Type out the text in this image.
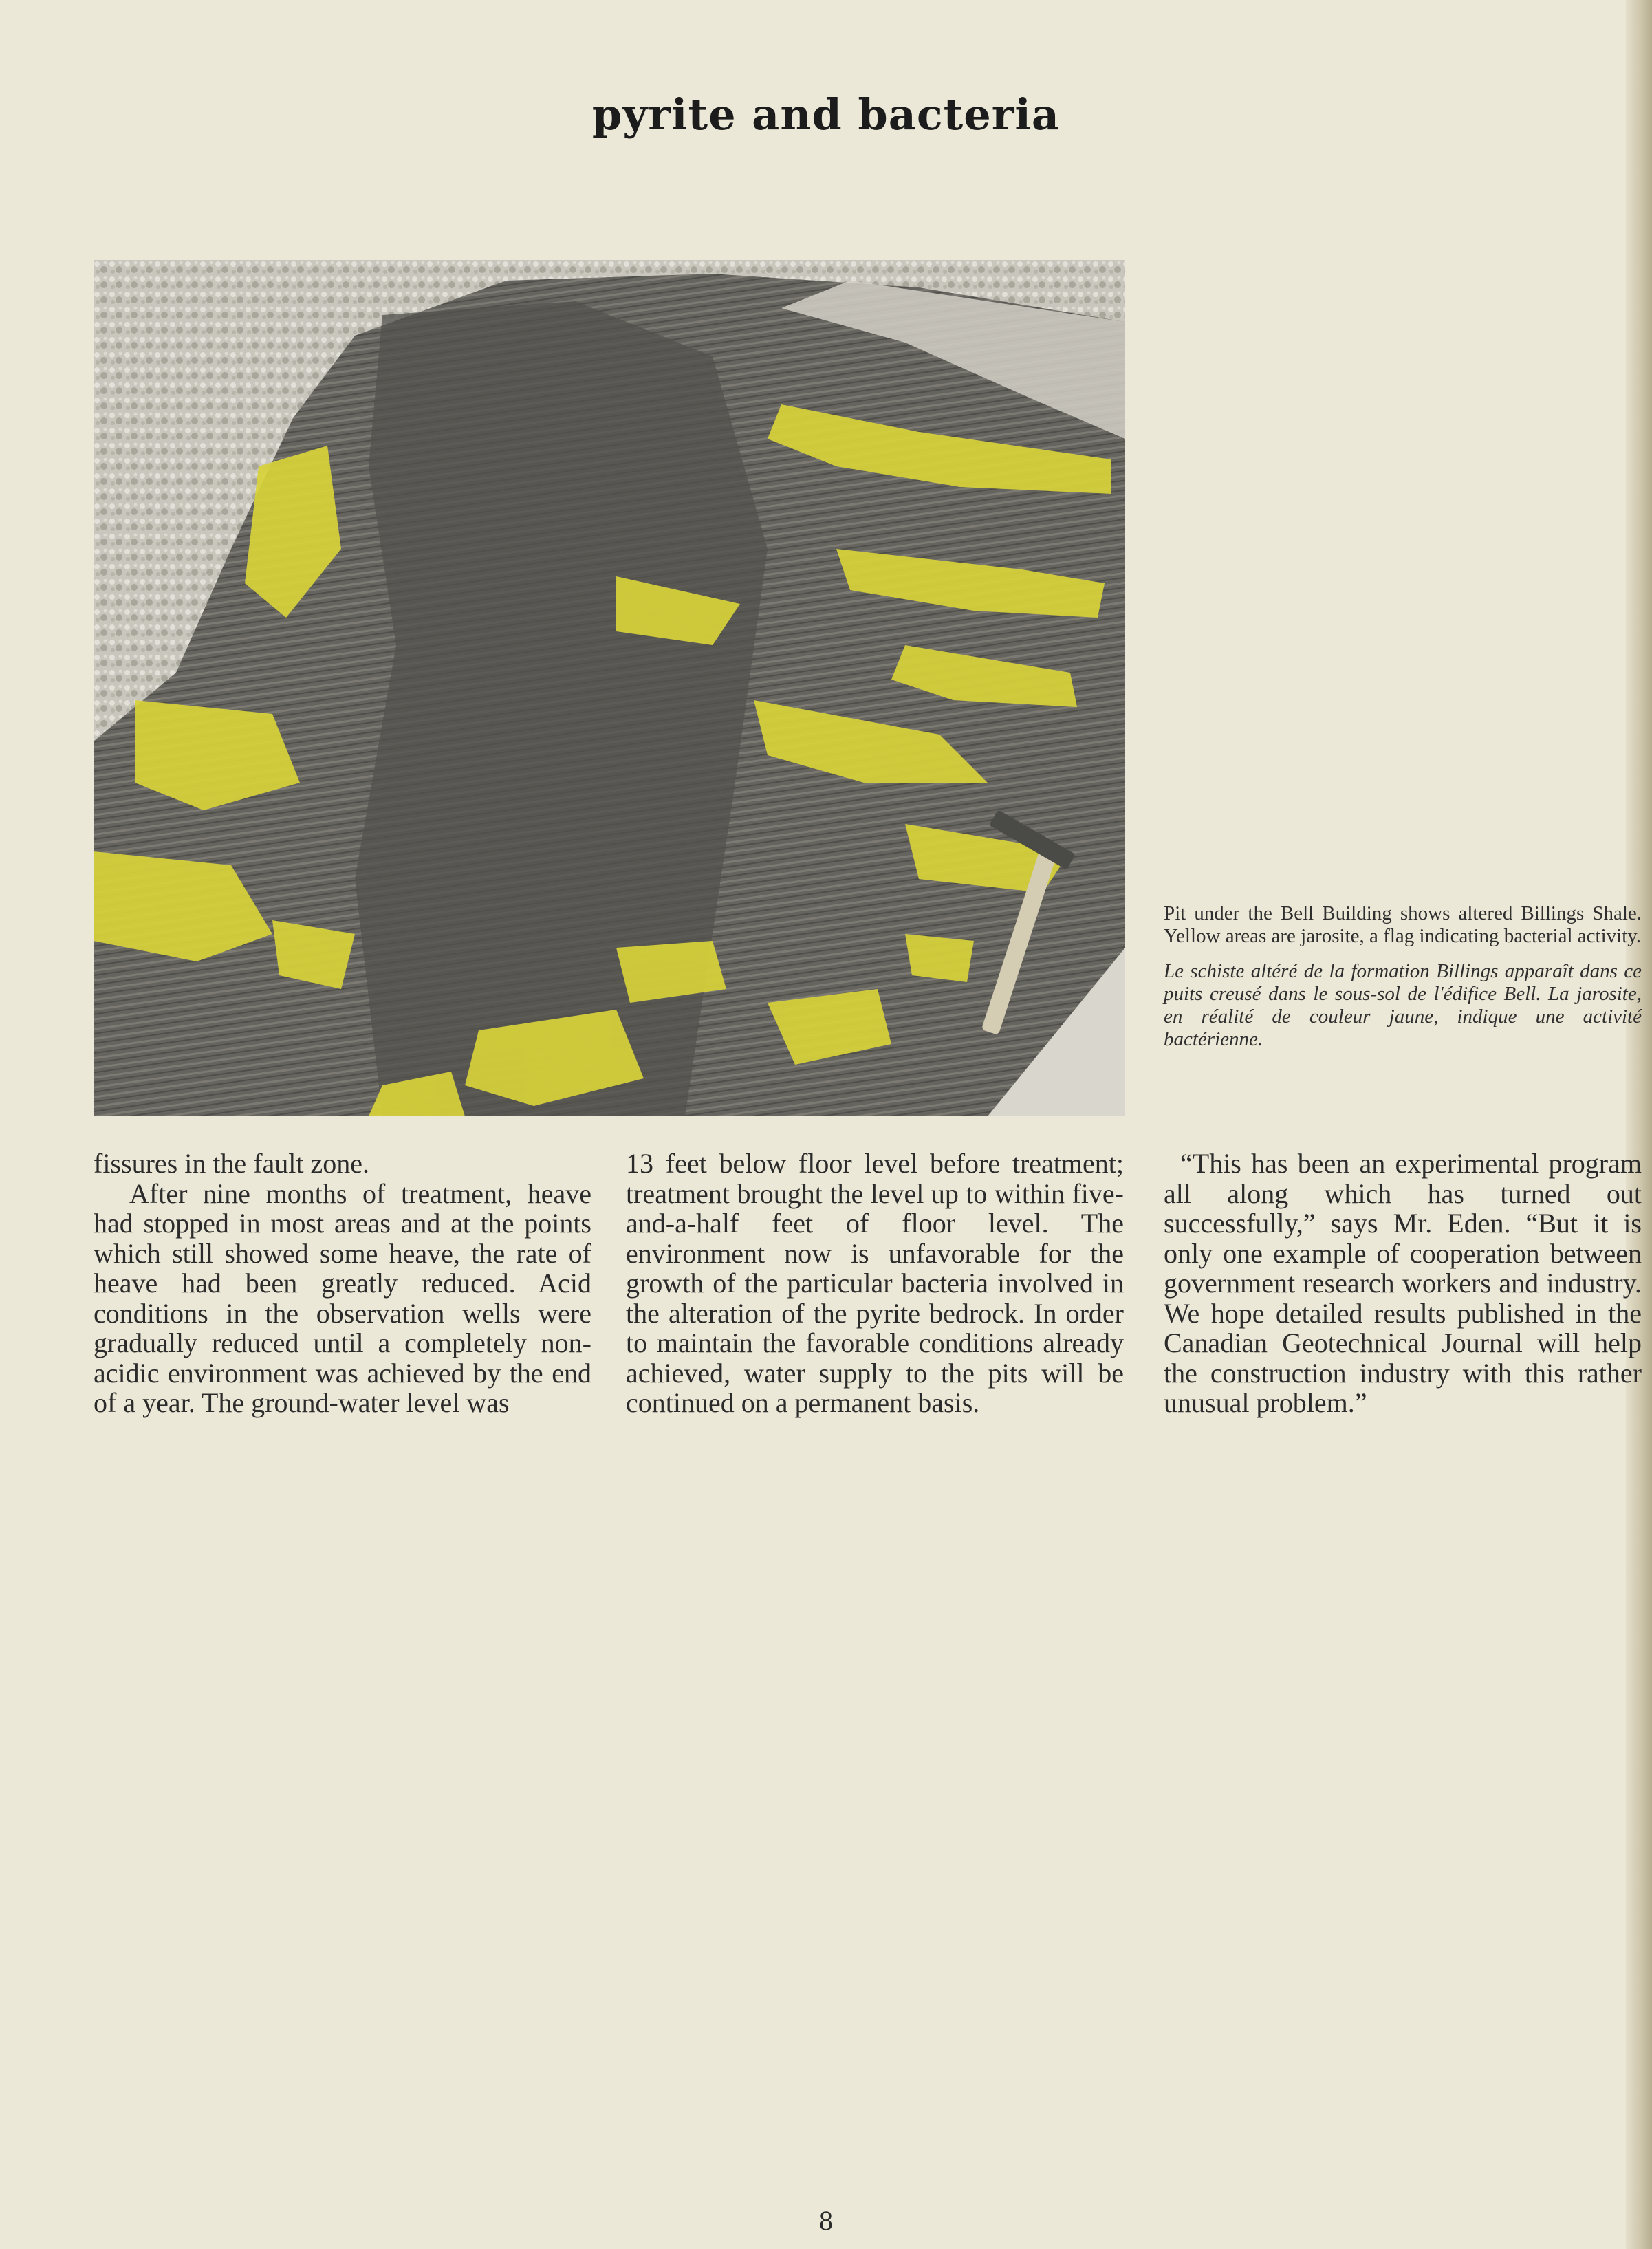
pyrite and bacteria

Pit under the Bell Building shows altered Billings Shale. Yellow areas are jarosite, a flag indicating bacterial activity.

Le schiste altéré de la formation Billings apparaît dans ce puits creusé dans le sous-sol de l'édifice Bell. La jarosite, en réalité de couleur jaune, indique une activité bactérienne.

fissures in the fault zone.

After nine months of treatment, heave had stopped in most areas and at the points which still showed some heave, the rate of heave had been greatly reduced. Acid conditions in the observation wells were gradually reduced until a completely non-acidic environment was achieved by the end of a year. The ground-water level was

13 feet below floor level before treatment; treatment brought the level up to within five-and-a-half feet of floor level. The environment now is unfavorable for the growth of the particular bacteria involved in the alteration of the pyrite bedrock. In order to maintain the favorable conditions already achieved, water supply to the pits will be continued on a permanent basis.

“This has been an experimental program all along which has turned out successfully,” says Mr. Eden. “But it is only one example of cooperation between government research workers and industry. We hope detailed results published in the Canadian Geotechnical Journal will help the construction industry with this rather unusual problem.”

8
